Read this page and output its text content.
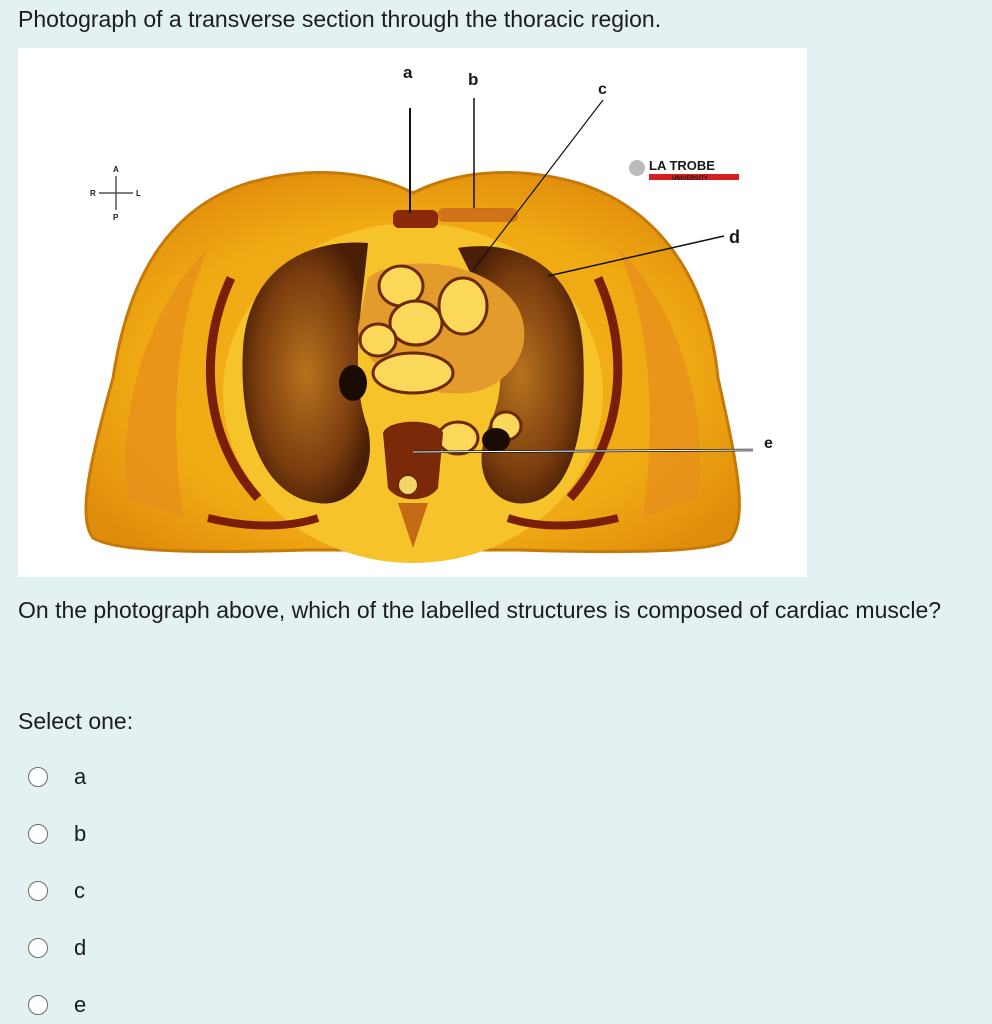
Photograph of a transverse section through the thoracic region.

A
P
R	L
LA TROBE
UNIVERSITY
a	b
c
d
e

On the photograph above, which of the labelled structures is composed of cardiac muscle?

Select one:

a
b
c
d
e
